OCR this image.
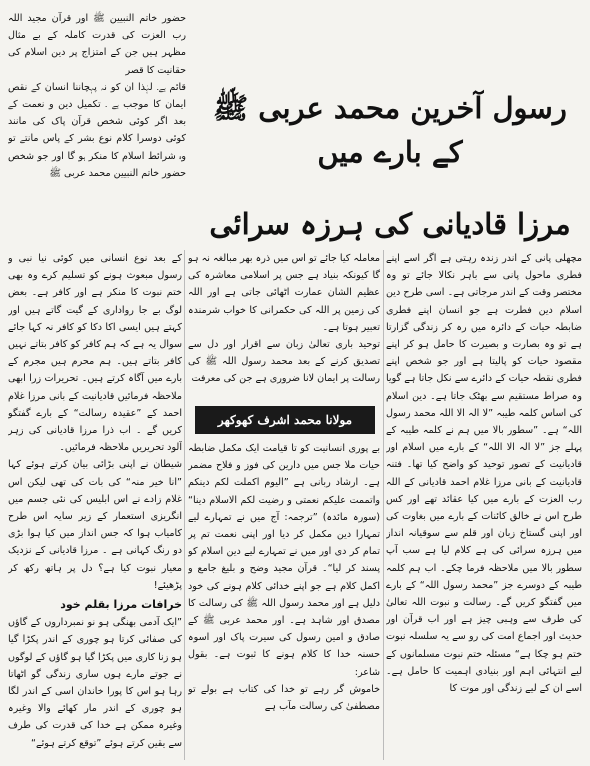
حضور خاتم النبیین ﷺ اور قرآن مجید اللہ رب العزت کی قدرت کاملہ کے بے مثال مظہر ہیں جن کے امتزاج پر دین اسلام کی حقانیت کا قصر

قائم ہے۔ لہٰذا ان کو نہ پہچاننا انسان کے نقص ایمان کا موجب ہے ۔ تکمیل دین و نعمت کے بعد اگر کوئی شخص قرآن پاک کی مانند کوئی دوسرا کلام نوع بشر کے پاس مانتے تو وہ شرائط اسلام کا منکر ہو گا اور جو شخص حضور خاتم النبیین محمد عربی ﷺ

رسول آخرین محمد عربی ﷺ کے بارے میں
مرزا قادیانی کی ہرزہ سرائی

کے بعد نوع انسانی میں کوئی نیا نبی و رسول مبعوث ہونے کو تسلیم کرے وہ بھی ختم نبوت کا منکر ہے اور کافر ہے۔ بعض لوگ بے جا رواداری کے گیت گاتے ہیں اور کہتے ہیں ایسی اکا دکا کو کافر نہ کہا جائے سوال یہ ہے کہ ہم کافر کو کافر بتاتے نہیں کافر بتاتے ہیں۔ ہم محرم ہیں مجرم کے بارے میں آگاہ کرتے ہیں۔ تحریرات زرا ابھی ملاحظہ فرمائیں قادیانیت کے بانی مرزا غلام احمد کے ”عقیدہ رسالت“ کے بارے گفتگو کریں گے ۔ اب ذرا مرزا قادیانی کی زہر آلود تحریریں ملاحظہ فرمائیں۔

شیطان نے اپنی بڑائی بیان کرتے ہوئے کہا ”انا خیر منہ“ کی بات کی تھی لیکن اس غلام زادے نے اس ابلیس کی نئی جسم میں انگریزی استعمار کے زیر سایہ اس طرح کامیاب ہوا کہ جس انداز میں کیا ہوا بڑی دو رنگ کہانی ہے ۔ مرزا قادیانی کے نزدیک معیار نبوت کیا ہے؟ دل پر ہاتھ رکھ کر پڑھیئے!

خرافات مرزا بقلم خود

”ایک آدمی بھنگی ہو نو نمبرداروں کے گاؤں کی صفائی کرتا ہو چوری کے اندر پکڑا گیا ہو زنا کاری میں پکڑا گیا ہو گاؤں کے لوگوں نے جوتے مارے ہوں ساری زندگی گو اٹھاتا رہا ہو اس کا پورا خاندان اسی کے اندر لگا ہو چوری کے اندر مار کھائے والا وغیرہ وغیرہ ممکن ہے خدا کی قدرت کی طرف سے یقین کرتے ہوئے ”توقع کرتے ہوئے“

معاملہ کیا جائے تو اس میں ذرہ بھر مبالغہ نہ ہو گا کیونکہ بنیاد ہے جس پر اسلامی معاشرہ کی عظیم الشان عمارت اٹھائی جاتی ہے اور اللہ کی زمین پر اللہ کی حکمرانی کا خواب شرمندہ تعبیر ہوتا ہے۔

توحید باری تعالیٰ زبان سے اقرار اور دل سے تصدیق کرنے کے بعد محمد رسول اللہ ﷺ کی رسالت پر ایمان لانا ضروری ہے جن کی معرفت

مولانا محمد اشرف کھوکھر

بے پوری انسانیت کو تا قیامت ایک مکمل ضابطہ حیات ملا جس میں دارین کی فوز و فلاح مضمر ہے۔ ارشاد ربانی ہے ”الیوم اکملت لکم دینکم واتممت علیکم نعمتی و رضیت لکم الاسلام دینا“ (سورہ مائدہ) ”ترجمہ: آج میں نے تمہارے لیے تمہارا دین مکمل کر دیا اور اپنی نعمت تم پر تمام کر دی اور میں نے تمہارے لیے دین اسلام کو پسند کر لیا“۔ قرآن مجید وضح و بلیغ جامع و اکمل کلام ہے جو اپنے خدائی کلام ہونے کی خود دلیل ہے اور محمد رسول اللہ ﷺ کی رسالت کا مصدق اور شاہد ہے۔ اور محمد عربی ﷺ کے صادق و امین رسول کی سیرت پاک اور اسوہ حسنہ خدا کا کلام ہونے کا ثبوت ہے۔ بقول شاعر:

خاموش گر رہے تو خدا کی کتاب ہے بولے تو مصطفیٰ کی رسالت مآب ہے

مچھلی پانی کے اندر زندہ رہتی ہے اگر اسے اپنے فطری ماحول پانی سے باہر نکالا جائے تو وہ مختصر وقت کے اندر مرجاتی ہے۔ اسی طرح دین اسلام دین فطرت ہے جو انسان اپنے فطری ضابطہ حیات کے دائرہ میں رہ کر زندگی گزارتا ہے تو وہ بصارت و بصیرت کا حامل ہو کر اپنے مقصود حیات کو پالیتا ہے اور جو شخص اپنے فطری نقطہ حیات کے دائرے سے نکل جاتا ہے گویا وہ صراط مستقیم سے بھٹک جاتا ہے۔ دین اسلام کی اساس کلمہ طیبہ ”لا الہ الا اللہ محمد رسول اللہ“ ہے۔ ”سطور بالا میں ہم نے کلمہ طیبہ کے پہلے جز ”لا الہ الا اللہ“ کے بارے میں اسلام اور قادیانیت کے تصور توحید کو واضح کیا تھا۔ فتنہ قادیانیت کے بانی مرزا غلام احمد قادیانی کے اللہ رب العزت کے بارے میں کیا عقائد تھے اور کس طرح اس نے خالق کائنات کے بارے میں بغاوت کی اور اپنی گستاخ زبان اور قلم سے سوقیانہ انداز میں ہرزہ سرائی کی ہے کلام لیا ہے سب آپ سطور بالا میں ملاحظہ فرما چکے۔ اب ہم کلمہ طیبہ کے دوسرے جز ”محمد رسول اللہ“ کے بارے میں گفتگو کریں گے۔ رسالت و نبوت اللہ تعالیٰ کی طرف سے وہبی چیز ہے اور اب قرآن اور حدیث اور اجماع امت کی رو سے یہ سلسلہ نبوت ختم ہو چکا ہے“ مسئلہ ختم نبوت مسلمانوں کے لیے انتہائی اہم اور بنیادی اہمیت کا حامل ہے۔ اسے ان کے لیے زندگی اور موت کا
